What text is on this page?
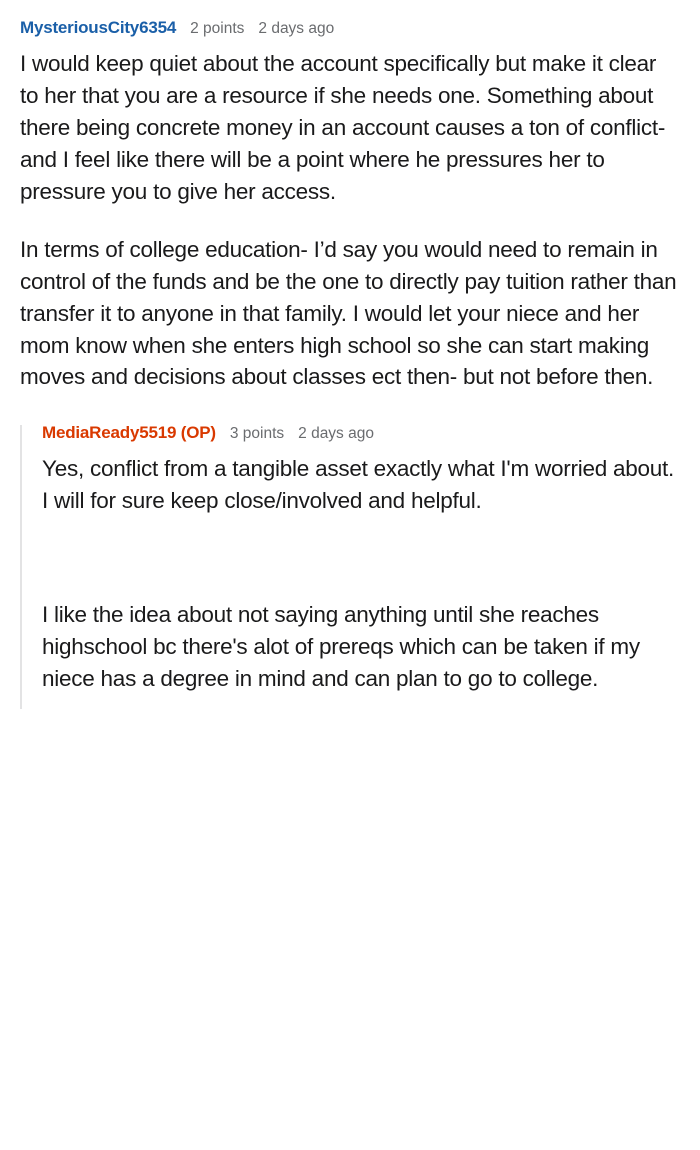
MysteriousCity6354 2 points 2 days ago

I would keep quiet about the account specifically but make it clear to her that you are a resource if she needs one. Something about there being concrete money in an account causes a ton of conflict- and I feel like there will be a point where he pressures her to pressure you to give her access.

In terms of college education- I’d say you would need to remain in control of the funds and be the one to directly pay tuition rather than transfer it to anyone in that family. I would let your niece and her mom know when she enters high school so she can start making moves and decisions about classes ect then- but not before then.

MediaReady5519 (OP) 3 points 2 days ago

Yes, conflict from a tangible asset exactly what I'm worried about. I will for sure keep close/involved and helpful.

I like the idea about not saying anything until she reaches highschool bc there's alot of prereqs which can be taken if my niece has a degree in mind and can plan to go to college.
